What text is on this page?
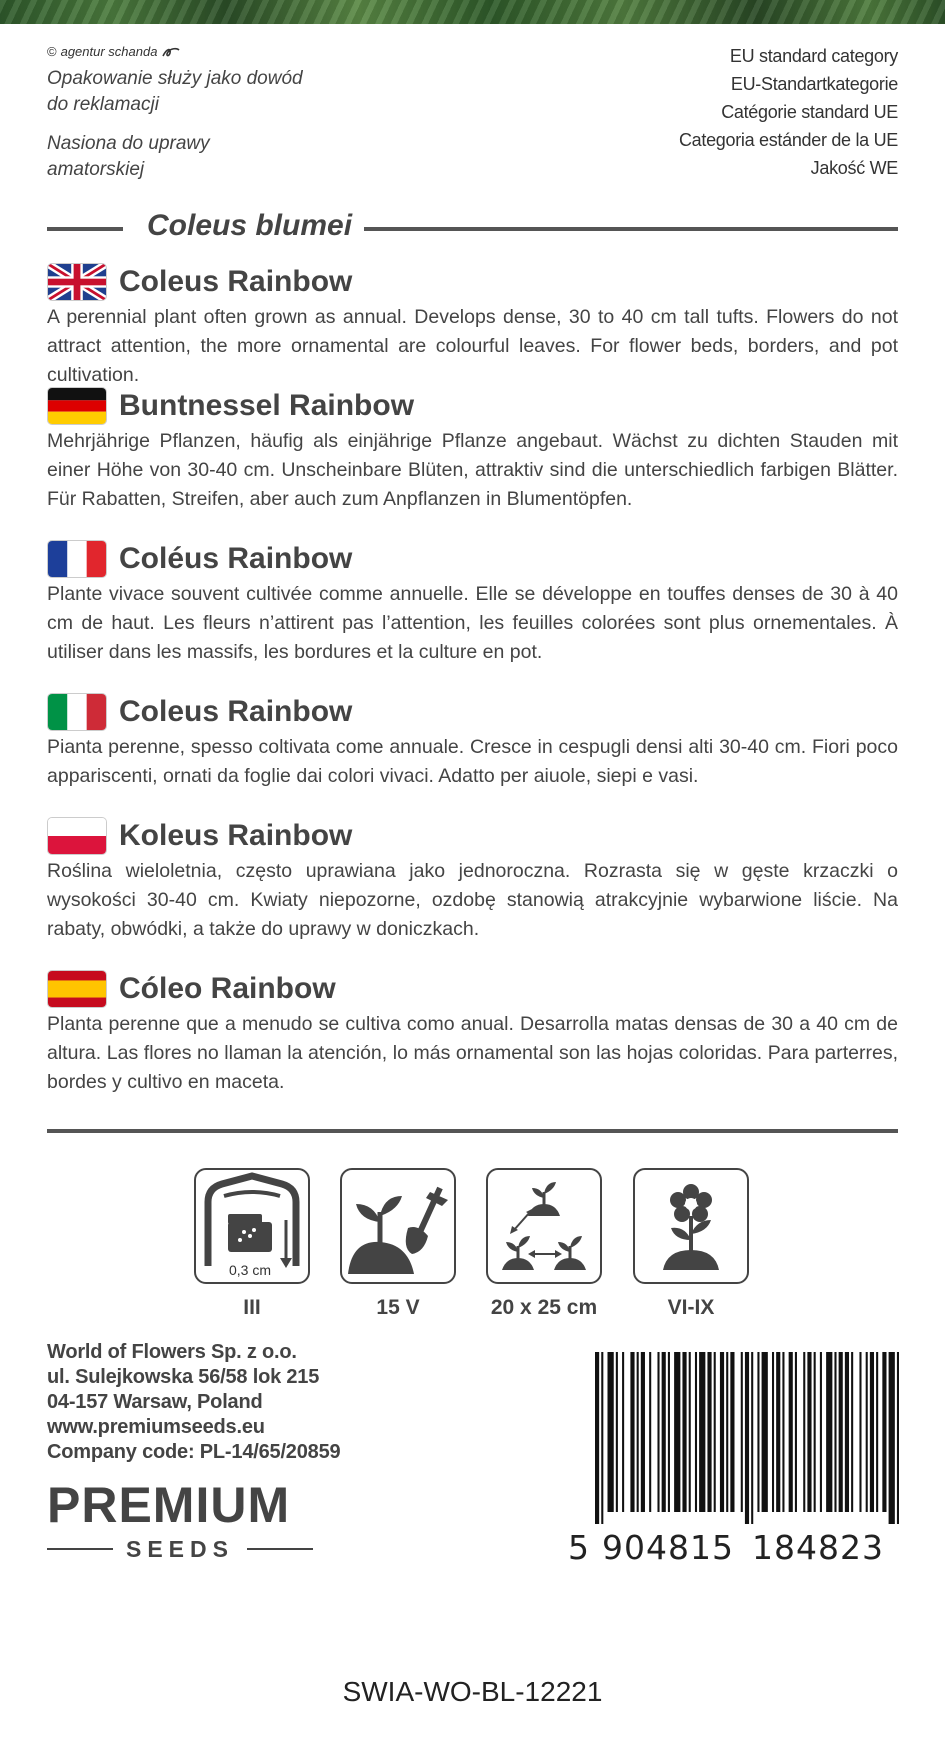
© agentur schanda
Opakowanie służy jako dowód do reklamacji
Nasiona do uprawy amatorskiej
EU standard category
EU-Standartkategorie
Catégorie standard UE
Categoria estánder de la UE
Jakość WE
Coleus blumei
Coleus Rainbow
A perennial plant often grown as annual. Develops dense, 30 to 40 cm tall tufts. Flowers do not attract attention, the more ornamental are colourful leaves. For flower beds, borders, and pot cultivation.
Buntnessel Rainbow
Mehrjährige Pflanzen, häufig als einjährige Pflanze angebaut. Wächst zu dichten Stauden mit einer Höhe von 30-40 cm. Unscheinbare Blüten, attraktiv sind die unterschiedlich farbigen Blätter. Für Rabatten, Streifen, aber auch zum Anpflanzen in Blumentöpfen.
Coléus Rainbow
Plante vivace souvent cultivée comme annuelle. Elle se développe en touffes denses de 30 à 40 cm de haut. Les fleurs n’attirent pas l’attention, les feuilles colorées sont plus ornementales. À utiliser dans les massifs, les bordures et la culture en pot.
Coleus Rainbow
Pianta perenne, spesso coltivata come annuale. Cresce in cespugli densi alti 30-40 cm. Fiori poco appariscenti, ornati da foglie dai colori vivaci. Adatto per aiuole, siepi e vasi.
Koleus Rainbow
Roślina wieloletnia, często uprawiana jako jednoroczna. Rozrasta się w gęste krzaczki o wysokości 30-40 cm. Kwiaty niepozorne, ozdobę stanowią atrakcyjnie wybarwione liście. Na rabaty, obwódki, a także do uprawy w doniczkach.
Cóleo Rainbow
Planta perenne que a menudo se cultiva como anual. Desarrolla matas densas de 30 a 40 cm de altura. Las flores no llaman la atención, lo más ornamental son las hojas coloridas. Para parterres, bordes y cultivo en maceta.
0,3 cm
III	15 V	20 x 25 cm	VI-IX
World of Flowers Sp. z o.o.
ul. Sulejkowska 56/58 lok 215
04-157 Warsaw, Poland
www.premiumseeds.eu
Company code: PL-14/65/20859
PREMIUM
SEEDS	5 904815 184823
SWIA-WO-BL-12221
